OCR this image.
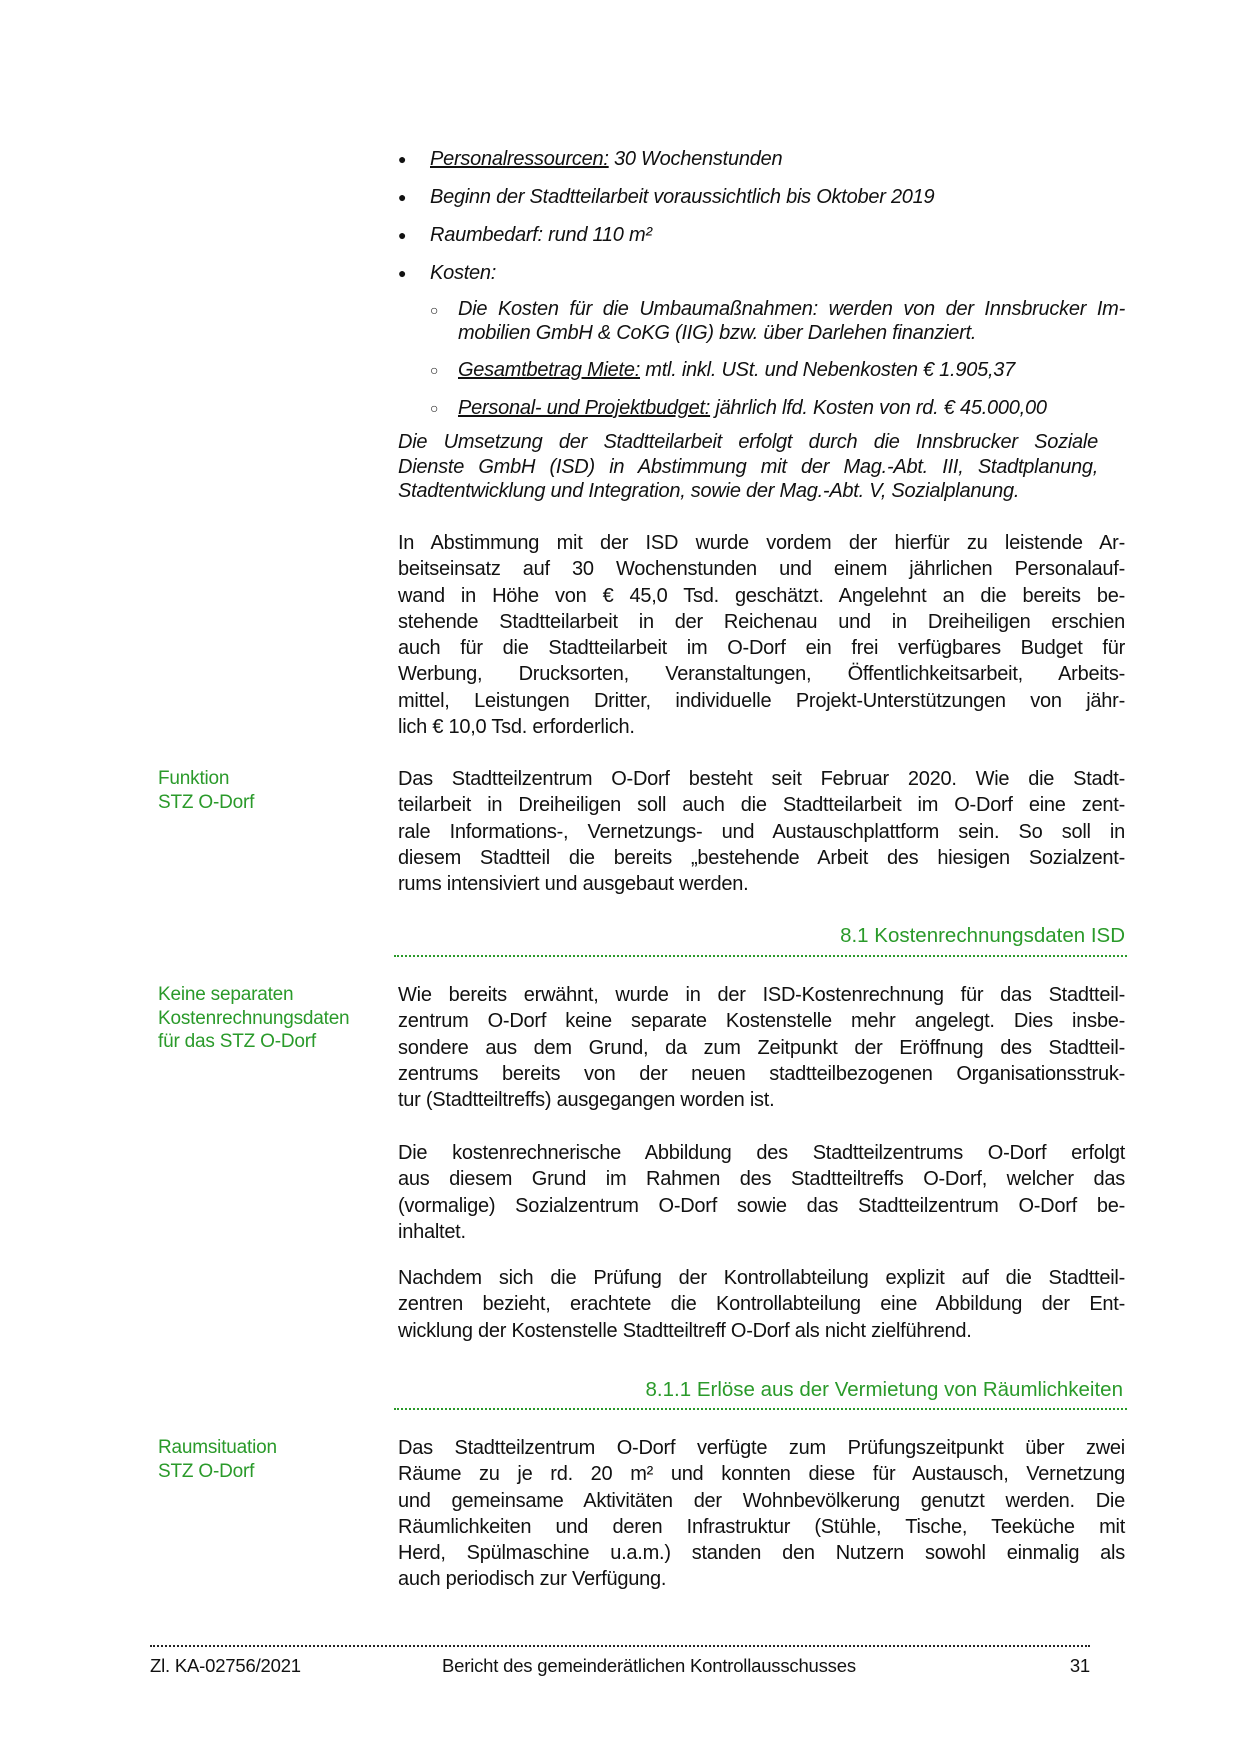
● Personalressourcen: 30 Wochenstunden
● Beginn der Stadtteilarbeit voraussichtlich bis Oktober 2019
● Raumbedarf: rund 110 m²
● Kosten:
○ Die Kosten für die Umbaumaßnahmen: werden von der Innsbrucker Im-
mobilien GmbH & CoKG (IIG) bzw. über Darlehen finanziert.
○ Gesamtbetrag Miete: mtl. inkl. USt. und Nebenkosten € 1.905,37
○ Personal- und Projektbudget: jährlich lfd. Kosten von rd. € 45.000,00
Die Umsetzung der Stadtteilarbeit erfolgt durch die Innsbrucker Soziale
Dienste GmbH (ISD) in Abstimmung mit der Mag.-Abt. III, Stadtplanung,
Stadtentwicklung und Integration, sowie der Mag.-Abt. V, Sozialplanung.
In Abstimmung mit der ISD wurde vordem der hierfür zu leistende Ar-
beitseinsatz auf 30 Wochenstunden und einem jährlichen Personalauf-
wand in Höhe von € 45,0 Tsd. geschätzt. Angelehnt an die bereits be-
stehende Stadtteilarbeit in der Reichenau und in Dreiheiligen erschien
auch für die Stadtteilarbeit im O-Dorf ein frei verfügbares Budget für
Werbung, Drucksorten, Veranstaltungen, Öffentlichkeitsarbeit, Arbeits-
mittel, Leistungen Dritter, individuelle Projekt-Unterstützungen von jähr-
lich € 10,0 Tsd. erforderlich.
Funktion
STZ O-Dorf
Das Stadtteilzentrum O-Dorf besteht seit Februar 2020. Wie die Stadt-
teilarbeit in Dreiheiligen soll auch die Stadtteilarbeit im O-Dorf eine zent-
rale Informations-, Vernetzungs- und Austauschplattform sein. So soll in
diesem Stadtteil die bereits „bestehende Arbeit des hiesigen Sozialzent-
rums intensiviert und ausgebaut werden.
8.1 Kostenrechnungsdaten ISD
Keine separaten
Kostenrechnungsdaten
für das STZ O-Dorf
Wie bereits erwähnt, wurde in der ISD-Kostenrechnung für das Stadtteil-
zentrum O-Dorf keine separate Kostenstelle mehr angelegt. Dies insbe-
sondere aus dem Grund, da zum Zeitpunkt der Eröffnung des Stadtteil-
zentrums bereits von der neuen stadtteilbezogenen Organisationsstruk-
tur (Stadtteiltreffs) ausgegangen worden ist.
Die kostenrechnerische Abbildung des Stadtteilzentrums O-Dorf erfolgt
aus diesem Grund im Rahmen des Stadtteiltreffs O-Dorf, welcher das
(vormalige) Sozialzentrum O-Dorf sowie das Stadtteilzentrum O-Dorf be-
inhaltet.
Nachdem sich die Prüfung der Kontrollabteilung explizit auf die Stadtteil-
zentren bezieht, erachtete die Kontrollabteilung eine Abbildung der Ent-
wicklung der Kostenstelle Stadtteiltreff O-Dorf als nicht zielführend.
8.1.1 Erlöse aus der Vermietung von Räumlichkeiten
Raumsituation
STZ O-Dorf
Das Stadtteilzentrum O-Dorf verfügte zum Prüfungszeitpunkt über zwei
Räume zu je rd. 20 m² und konnten diese für Austausch, Vernetzung
und gemeinsame Aktivitäten der Wohnbevölkerung genutzt werden. Die
Räumlichkeiten und deren Infrastruktur (Stühle, Tische, Teeküche mit
Herd, Spülmaschine u.a.m.) standen den Nutzern sowohl einmalig als
auch periodisch zur Verfügung.
Zl. KA-02756/2021	Bericht des gemeinderätlichen Kontrollausschusses	31
